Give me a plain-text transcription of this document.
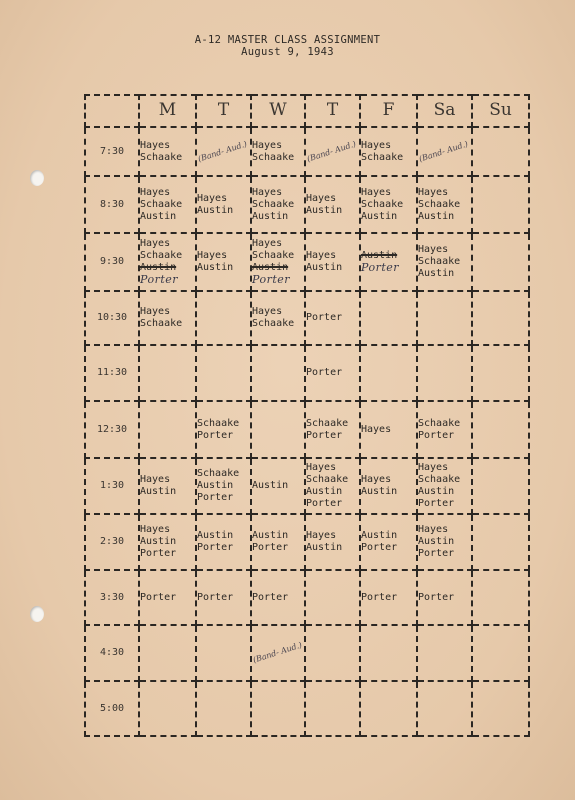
A-12 MASTER CLASS ASSIGNMENT
August 9, 1943
	M	T	W	T	F	Sa	Su
7:30	Hayes
Schaake	(Band- Aud.)	Hayes
Schaake	(Band- Aud.)	Hayes
Schaake	(Band- Aud.)	
8:30	Hayes
Schaake
Austin	Hayes
Austin	Hayes
Schaake
Austin	Hayes
Austin	Hayes
Schaake
Austin	Hayes
Schaake
Austin	

9:30	Hayes
Schaake
Austin
Porter	Hayes
Austin	Hayes
Schaake
Austin
Porter	Hayes
Austin	Austin
Porter	Hayes
Schaake
Austin	

10:30	Hayes
Schaake		Hayes
Schaake	Porter			

11:30				Porter			

12:30		Schaake
Porter		Schaake
Porter	Hayes	Schaake
Porter	

1:30	Hayes
Austin	Schaake
Austin
Porter	Austin	Hayes
Schaake
Austin
Porter	Hayes
Austin	Hayes
Schaake
Austin
Porter	

2:30	Hayes
Austin
Porter	Austin
Porter	Austin
Porter	Hayes
Austin	Austin
Porter	Hayes
Austin
Porter	

3:30	Porter	Porter	Porter		Porter	Porter	

4:30			(Band- Aud.)				
5:00							
